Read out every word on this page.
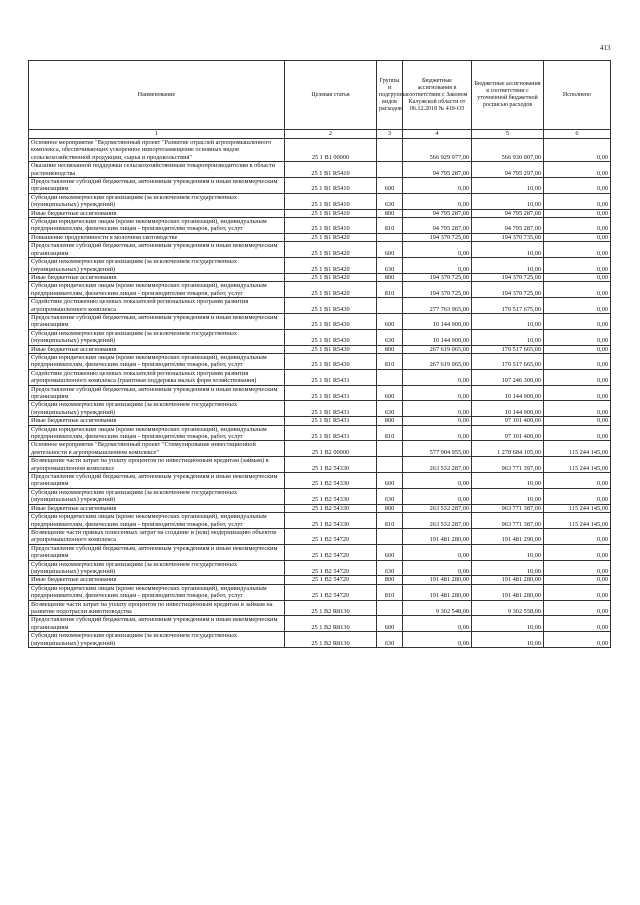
413
Наименование	Целевая статья	Группы и подгруппы видов расходов	Бюджетные ассигнования в соответствии с Законом Калужской области от 06.12.2018 № 419-ОЗ	Бюджетные ассигнования в соответствии с уточненной бюджетной росписью расходов	Исполнено
1	2	3	4	5	6
Основное мероприятие "Ведомственный проект "Развитие отраслей агропромышленного комплекса, обеспечивающих ускоренное импортозамещение основных видов сельскохозяйственной продукции, сырья и продовольствия"	25 1 В1 00000		566 929 977,00	566 930 007,00	0,00
Оказание несвязанной поддержки сельскохозяйственным товаропроизводителям в области растениеводства	25 1 В1 R5410		94 795 287,00	94 795 297,00	0,00
Предоставление субсидий бюджетным, автономным учреждениям и иным некоммерческим организациям	25 1 В1 R5410	600	0,00	10,00	0,00
Субсидии некоммерческим организациям (за исключением государственных (муниципальных) учреждений)	25 1 В1 R5410	630	0,00	10,00	0,00
Иные бюджетные ассигнования	25 1 В1 R5410	800	94 795 287,00	94 795 287,00	0,00
Субсидии юридическим лицам (кроме некоммерческих организаций), индивидуальным предпринимателям, физическим лицам - производителям товаров, работ, услуг	25 1 В1 R5410	810	94 795 287,00	94 795 287,00	0,00
Повышение продуктивности в молочном скотоводстве	25 1 В1 R5420		194 370 725,00	194 370 735,00	0,00
Предоставление субсидий бюджетным, автономным учреждениям и иным некоммерческим организациям	25 1 В1 R5420	600	0,00	10,00	0,00
Субсидии некоммерческим организациям (за исключением государственных (муниципальных) учреждений)	25 1 В1 R5420	630	0,00	10,00	0,00
Иные бюджетные ассигнования	25 1 В1 R5420	800	194 370 725,00	194 370 725,00	0,00
Субсидии юридическим лицам (кроме некоммерческих организаций), индивидуальным предпринимателям, физическим лицам - производителям товаров, работ, услуг	25 1 В1 R5420	810	194 370 725,00	194 370 725,00	0,00
Содействие достижению целевых показателей региональных программ развития агропромышленного комплекса	25 1 В1 R5430		277 763 965,00	170 517 675,00	0,00
Предоставление субсидий бюджетным, автономным учреждениям и иным некоммерческим организациям	25 1 В1 R5430	600	10 144 900,00	10,00	0,00
Субсидии некоммерческим организациям (за исключением государственных (муниципальных) учреждений)	25 1 В1 R5430	630	10 144 900,00	10,00	0,00
Иные бюджетные ассигнования	25 1 В1 R5430	800	267 619 065,00	170 517 665,00	0,00
Субсидии юридическим лицам (кроме некоммерческих организаций), индивидуальным предпринимателям, физическим лицам - производителям товаров, работ, услуг	25 1 В1 R5430	810	267 619 065,00	170 517 665,00	0,00
Содействие достижению целевых показателей региональных программ развития агропромышленного комплекса (грантовая поддержка малых форм хозяйствования)	25 1 В1 R5431		0,00	107 246 300,00	0,00
Предоставление субсидий бюджетным, автономным учреждениям и иным некоммерческим организациям	25 1 В1 R5431	600	0,00	10 144 900,00	0,00
Субсидии некоммерческим организациям (за исключением государственных (муниципальных) учреждений)	25 1 В1 R5431	630	0,00	10 144 900,00	0,00
Иные бюджетные ассигнования	25 1 В1 R5431	800	0,00	97 101 400,00	0,00
Субсидии юридическим лицам (кроме некоммерческих организаций), индивидуальным предпринимателям, физическим лицам - производителям товаров, работ, услуг	25 1 В1 R5431	810	0,00	97 101 400,00	0,00
Основное мероприятие "Ведомственный проект "Стимулирование инвестиционной деятельности в агропромышленном комплексе"	25 1 В2 00000		577 904 955,00	1 278 684 105,00	115 244 145,00
Возмещение части затрат на уплату процентов по инвестиционным кредитам (займам) в агропромышленном комплексе	25 1 В2 54330		263 532 287,00	963 771 397,00	115 244 145,00
Предоставление субсидий бюджетным, автономным учреждениям и иным некоммерческим организациям	25 1 В2 54330	600	0,00	10,00	0,00
Субсидии некоммерческим организациям (за исключением государственных (муниципальных) учреждений)	25 1 В2 54330	630	0,00	10,00	0,00
Иные бюджетные ассигнования	25 1 В2 54330	800	263 532 287,00	963 771 387,00	115 244 145,00
Субсидии юридическим лицам (кроме некоммерческих организаций), индивидуальным предпринимателям, физическим лицам - производителям товаров, работ, услуг	25 1 В2 54330	810	263 532 287,00	963 771 387,00	115 244 145,00
Возмещение части прямых понесенных затрат на создание и (или) модернизацию объектов агропромышленного комплекса	25 1 В2 54720		191 481 280,00	191 481 290,00	0,00
Предоставление субсидий бюджетным, автономным учреждениям и иным некоммерческим организациям	25 1 В2 54720	600	0,00	10,00	0,00
Субсидии некоммерческим организациям (за исключением государственных (муниципальных) учреждений)	25 1 В2 54720	630	0,00	10,00	0,00
Иные бюджетные ассигнования	25 1 В2 54720	800	191 481 280,00	191 481 280,00	0,00
Субсидии юридическим лицам (кроме некоммерческих организаций), индивидуальным предпринимателям, физическим лицам - производителям товаров, работ, услуг	25 1 В2 54720	810	191 481 280,00	191 481 280,00	0,00
Возмещение части затрат на уплату процентов по инвестиционным кредитам и займам на развитие подотрасли животноводства	25 1 В2 R8130		9 302 548,00	9 302 558,00	0,00
Предоставление субсидий бюджетным, автономным учреждениям и иным некоммерческим организациям	25 1 В2 R8130	600	0,00	10,00	0,00
Субсидии некоммерческим организациям (за исключением государственных (муниципальных) учреждений)	25 1 В2 R8130	630	0,00	10,00	0,00
